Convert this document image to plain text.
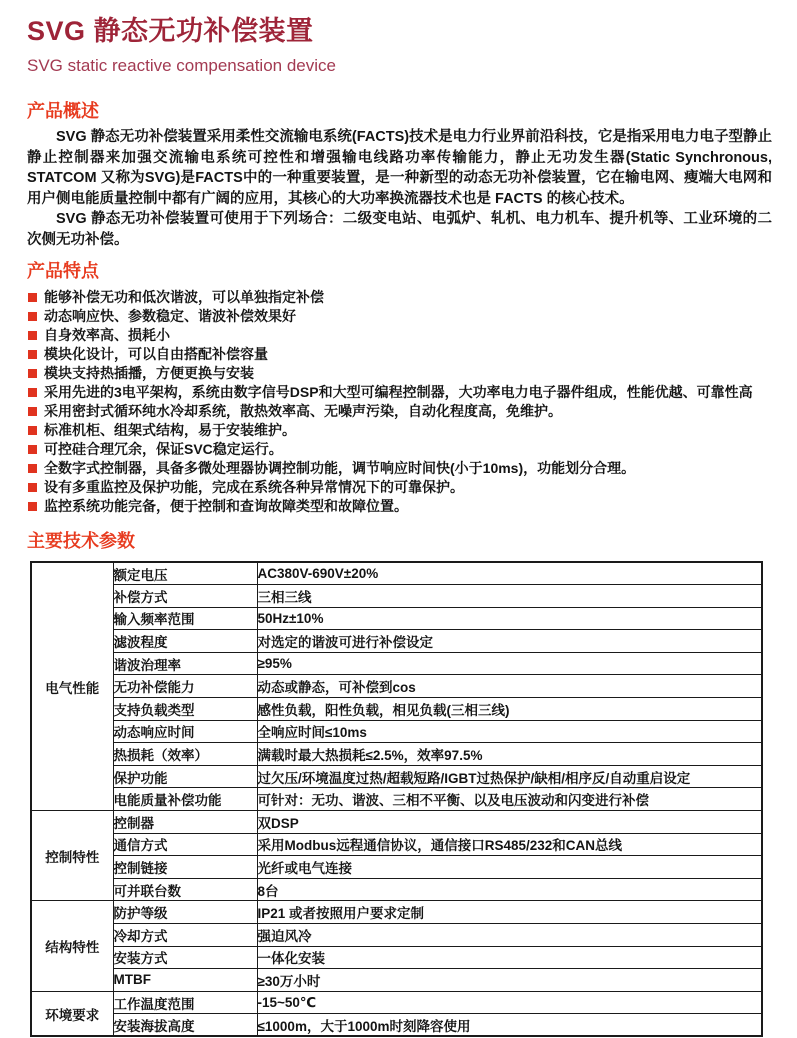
SVG 静态无功补偿装置
SVG static reactive compensation device
产品概述

SVG 静态无功补偿装置采用柔性交流输电系统(FACTS)技术是电力行业界前沿科技，它是指采用电力电子型静止静止控制器来加强交流输电系统可控性和增强输电线路功率传输能力，静止无功发生器(Static Synchronous, STATCOM 又称为SVG)是FACTS中的一种重要装置，是一种新型的动态无功补偿装置，它在输电网、瘦端大电网和用户侧电能质量控制中都有广阔的应用，其核心的大功率换流器技术也是 FACTS 的核心技术。

SVG 静态无功补偿装置可使用于下列场合：二级变电站、电弧炉、轧机、电力机车、提升机等、工业环境的二次侧无功补偿。

产品特点
能够补偿无功和低次谐波，可以单独指定补偿
动态响应快、参数稳定、谐波补偿效果好
自身效率高、损耗小
模块化设计，可以自由搭配补偿容量
模块支持热插播，方便更换与安装
采用先进的3电平架构，系统由数字信号DSP和大型可编程控制器，大功率电力电子器件组成，性能优越、可靠性高
采用密封式循环纯水冷却系统，散热效率高、无噪声污染，自动化程度高，免维护。
标准机柜、组架式结构，易于安装维护。
可控硅合理冗余，保证SVC稳定运行。
全数字式控制器，具备多微处理器协调控制功能，调节响应时间快(小于10ms)，功能划分合理。
设有多重监控及保护功能，完成在系统各种异常情况下的可靠保护。
监控系统功能完备，便于控制和查询故障类型和故障位置。
主要技术参数
电气性能	额定电压	AC380V-690V±20%
	补偿方式	三相三线
	输入频率范围	50Hz±10%
	滤波程度	对选定的谐波可进行补偿设定
	谐波治理率	≥95%
	无功补偿能力	动态或静态，可补偿到cos
	支持负载类型	感性负载，阳性负载，相见负载(三相三线)
	动态响应时间	全响应时间≤10ms
	热损耗（效率）	满载时最大热损耗≤2.5%，效率97.5%
	保护功能	过欠压/环境温度过热/超载短路/IGBT过热保护/缺相/相序反/自动重启设定
	电能质量补偿功能	可针对：无功、谐波、三相不平衡、以及电压波动和闪变进行补偿
控制特性	控制器	双DSP
	通信方式	采用Modbus远程通信协议，通信接口RS485/232和CAN总线
	控制链接	光纤或电气连接
	可并联台数	8台
结构特性	防护等级	IP21 或者按照用户要求定制
	冷却方式	强迫风冷
	安装方式	一体化安装
	MTBF	≥30万小时
环境要求	工作温度范围	-15~50℃
	安装海拔高度	≤1000m，大于1000m时刻降容使用
